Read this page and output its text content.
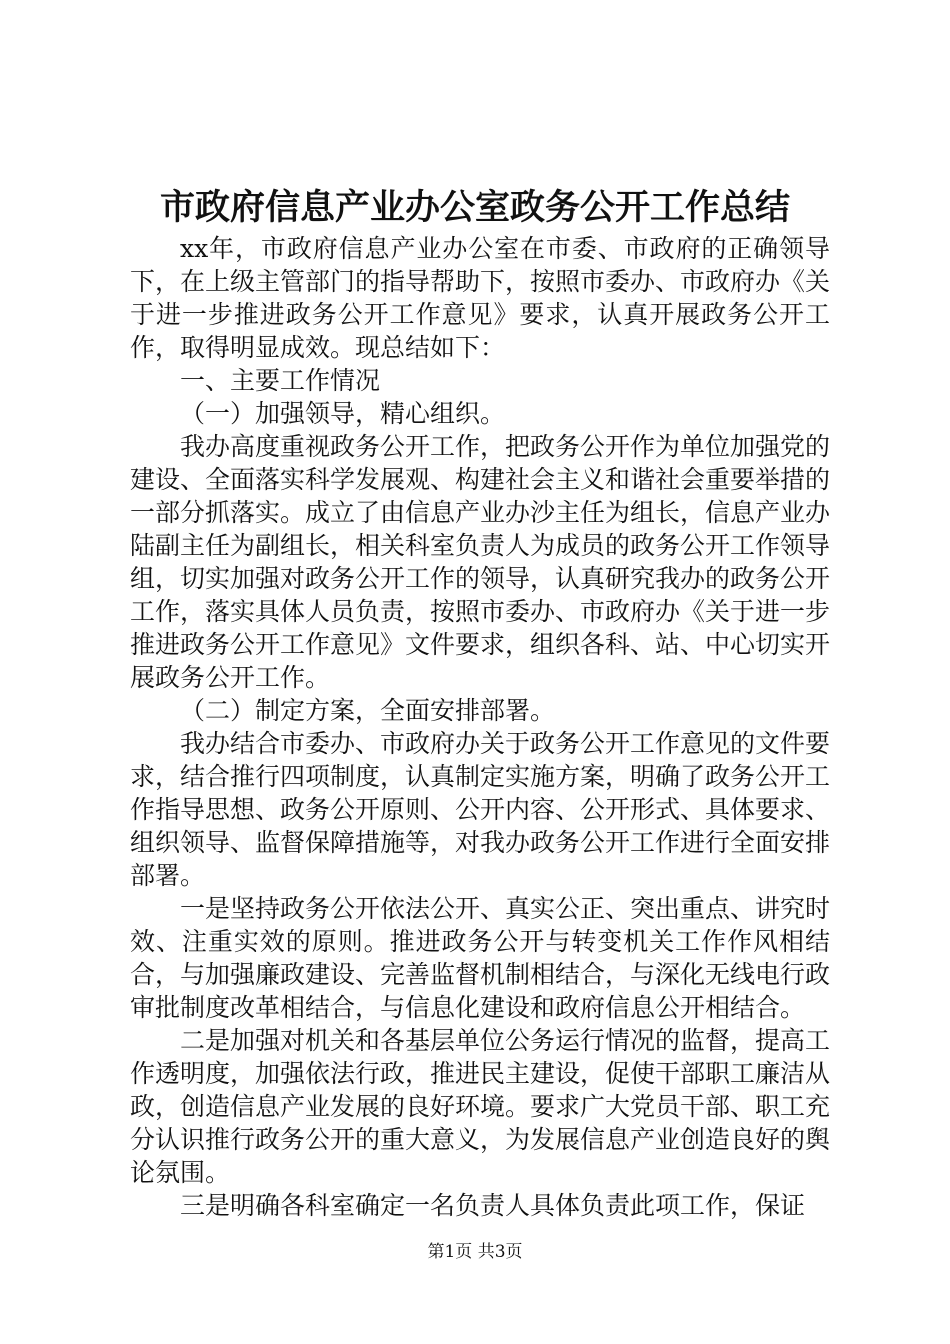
市政府信息产业办公室政务公开工作总结

xx年，市政府信息产业办公室在市委、市政府的正确领导下，在上级主管部门的指导帮助下，按照市委办、市政府办《关于进一步推进政务公开工作意见》要求，认真开展政务公开工作，取得明显成效。现总结如下：

一、主要工作情况

（一）加强领导，精心组织。

我办高度重视政务公开工作，把政务公开作为单位加强党的建设、全面落实科学发展观、构建社会主义和谐社会重要举措的一部分抓落实。成立了由信息产业办沙主任为组长，信息产业办陆副主任为副组长，相关科室负责人为成员的政务公开工作领导组，切实加强对政务公开工作的领导，认真研究我办的政务公开工作，落实具体人员负责，按照市委办、市政府办《关于进一步推进政务公开工作意见》文件要求，组织各科、站、中心切实开展政务公开工作。

（二）制定方案，全面安排部署。

我办结合市委办、市政府办关于政务公开工作意见的文件要求，结合推行四项制度，认真制定实施方案，明确了政务公开工作指导思想、政务公开原则、公开内容、公开形式、具体要求、组织领导、监督保障措施等，对我办政务公开工作进行全面安排部署。

一是坚持政务公开依法公开、真实公正、突出重点、讲究时效、注重实效的原则。推进政务公开与转变机关工作作风相结合，与加强廉政建设、完善监督机制相结合，与深化无线电行政审批制度改革相结合，与信息化建设和政府信息公开相结合。

二是加强对机关和各基层单位公务运行情况的监督，提高工作透明度，加强依法行政，推进民主建设，促使干部职工廉洁从政，创造信息产业发展的良好环境。要求广大党员干部、职工充分认识推行政务公开的重大意义，为发展信息产业创造良好的舆论氛围。

三是明确各科室确定一名负责人具体负责此项工作，保证

第1页 共3页
